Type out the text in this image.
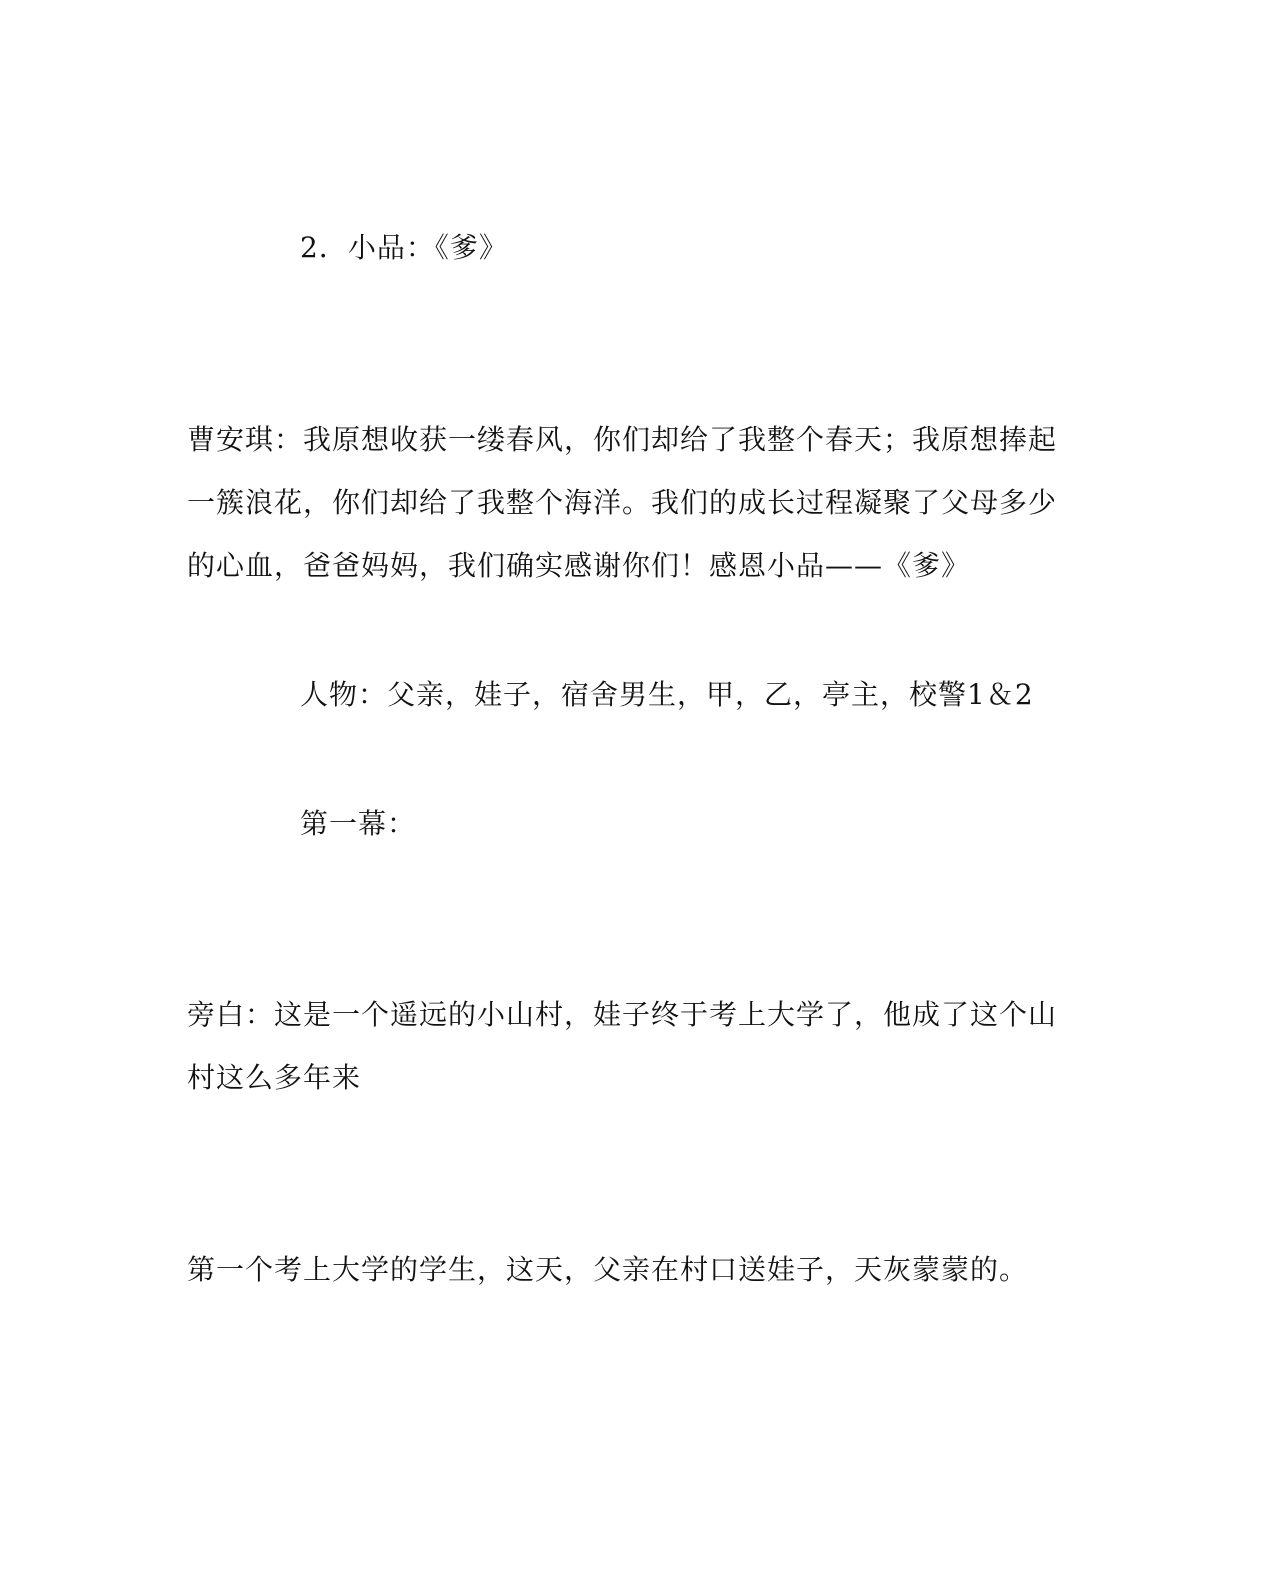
2．小品：《爹》
曹安琪：我原想收获一缕春风，你们却给了我整个春天；我原想捧起
一簇浪花，你们却给了我整个海洋。我们的成长过程凝聚了父母多少
的心血，爸爸妈妈，我们确实感谢你们！感恩小品——《爹》
人物：父亲，娃子，宿舍男生，甲，乙，亭主，校警1＆2
第一幕：
旁白：这是一个遥远的小山村，娃子终于考上大学了，他成了这个山
村这么多年来
第一个考上大学的学生，这天，父亲在村口送娃子，天灰蒙蒙的。
